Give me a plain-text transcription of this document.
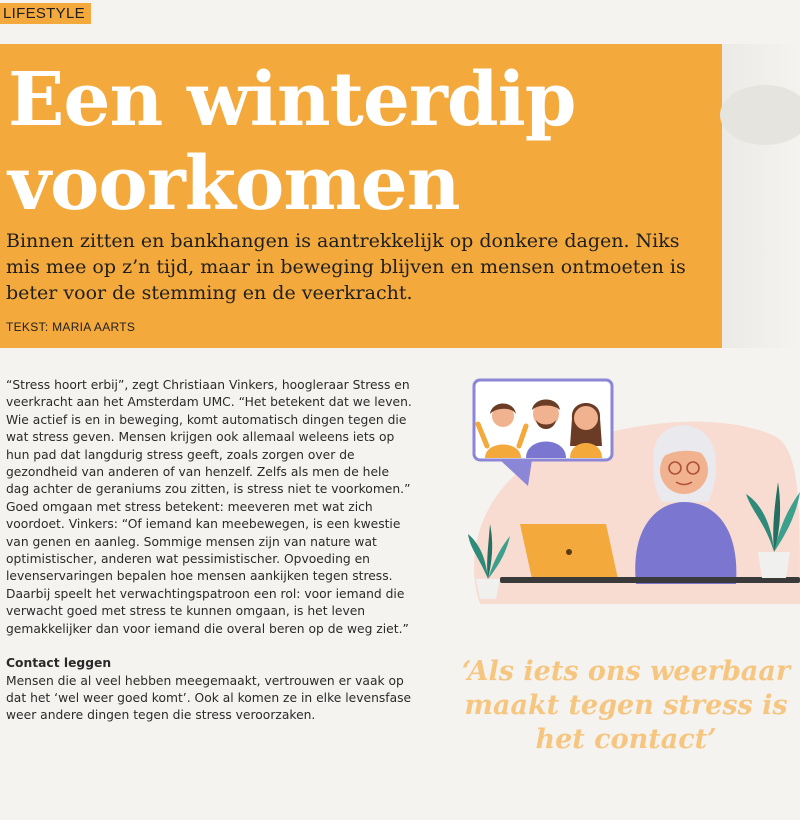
LIFESTYLE
Een winterdip
voorkomen

Binnen zitten en bankhangen is aantrekkelijk op donkere dagen. Niks mis mee op z’n tijd, maar in beweging blijven en mensen ontmoeten is beter voor de stemming en de veerkracht.

TEKST: MARIA AARTS

“Stress hoort erbij”, zegt Christiaan Vinkers, hoogleraar Stress en veerkracht aan het Amsterdam UMC. “Het betekent dat we leven. Wie actief is en in beweging, komt automatisch dingen tegen die wat stress geven. Mensen krijgen ook allemaal weleens iets op hun pad dat langdurig stress geeft, zoals zorgen over de gezondheid van anderen of van henzelf. Zelfs als men de hele dag achter de geraniums zou zitten, is stress niet te voorkomen.”

Goed omgaan met stress betekent: meeveren met wat zich voordoet. Vinkers: “Of iemand kan meebewegen, is een kwestie van genen en aanleg. Sommige mensen zijn van nature wat optimistischer, anderen wat pessimistischer. Opvoeding en levenservaringen bepalen hoe mensen aankijken tegen stress. Daarbij speelt het verwachtingspatroon een rol: voor iemand die verwacht goed met stress te kunnen omgaan, is het leven gemakkelijker dan voor iemand die overal beren op de weg ziet.”

Contact leggen

Mensen die al veel hebben meegemaakt, vertrouwen er vaak op dat het ‘wel weer goed komt’. Ook al komen ze in elke levensfase weer andere dingen tegen die stress veroorzaken.

‘Als iets ons weerbaar maakt tegen stress is het contact’
